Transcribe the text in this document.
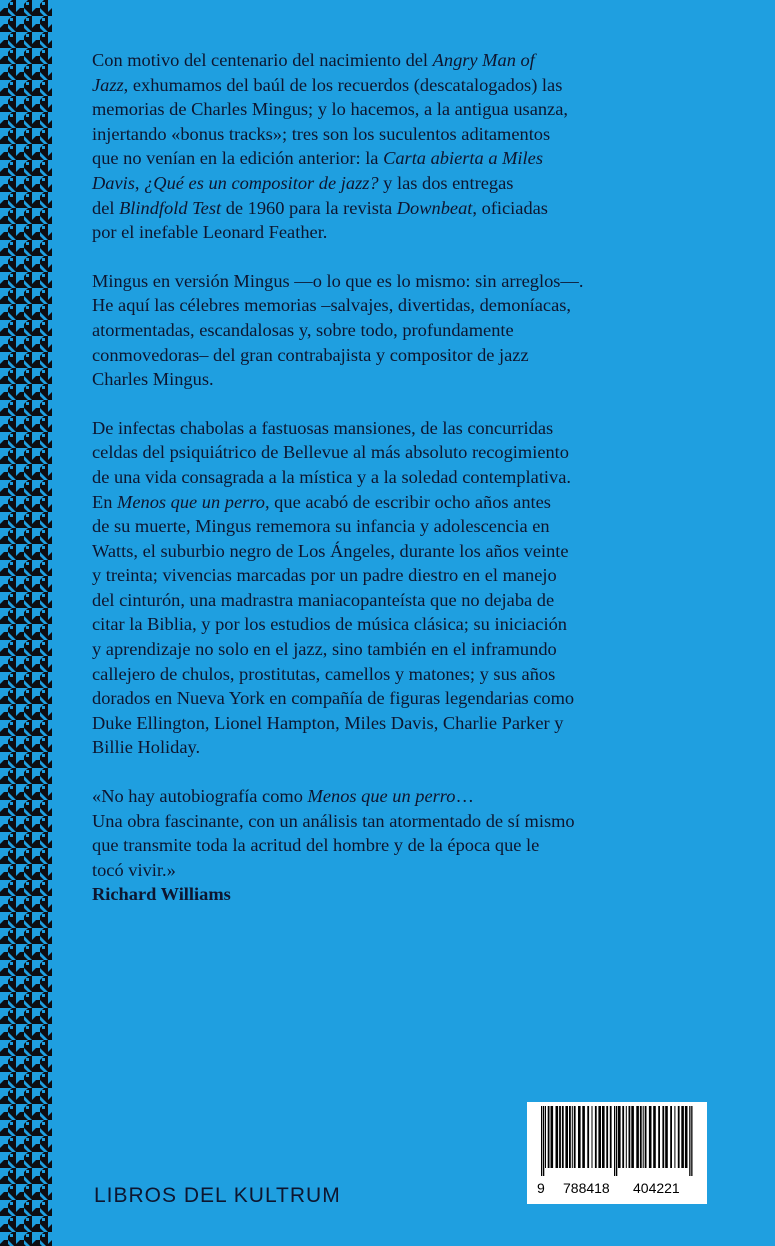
Con motivo del centenario del nacimiento del Angry Man of
Jazz, exhumamos del baúl de los recuerdos (descatalogados) las
memorias de Charles Mingus; y lo hacemos, a la antigua usanza,
injertando «bonus tracks»; tres son los suculentos aditamentos
que no venían en la edición anterior: la Carta abierta a Miles
Davis, ¿Qué es un compositor de jazz? y las dos entregas
del Blindfold Test de 1960 para la revista Downbeat, oficiadas
por el inefable Leonard Feather.
Mingus en versión Mingus —o lo que es lo mismo: sin arreglos—.
He aquí las célebres memorias –salvajes, divertidas, demoníacas,
atormentadas, escandalosas y, sobre todo, profundamente
conmovedoras– del gran contrabajista y compositor de jazz
Charles Mingus.
De infectas chabolas a fastuosas mansiones, de las concurridas
celdas del psiquiátrico de Bellevue al más absoluto recogimiento
de una vida consagrada a la mística y a la soledad contemplativa.
En Menos que un perro, que acabó de escribir ocho años antes
de su muerte, Mingus rememora su infancia y adolescencia en
Watts, el suburbio negro de Los Ángeles, durante los años veinte
y treinta; vivencias marcadas por un padre diestro en el manejo
del cinturón, una madrastra maniacopanteísta que no dejaba de
citar la Biblia, y por los estudios de música clásica; su iniciación
y aprendizaje no solo en el jazz, sino también en el inframundo
callejero de chulos, prostitutas, camellos y matones; y sus años
dorados en Nueva York en compañía de figuras legendarias como
Duke Ellington, Lionel Hampton, Miles Davis, Charlie Parker y
Billie Holiday.
«No hay autobiografía como Menos que un perro…
Una obra fascinante, con un análisis tan atormentado de sí mismo
que transmite toda la acritud del hombre y de la época que le
tocó vivir.»
Richard Williams
LIBROS DEL KULTRUM	9 788418 404221
